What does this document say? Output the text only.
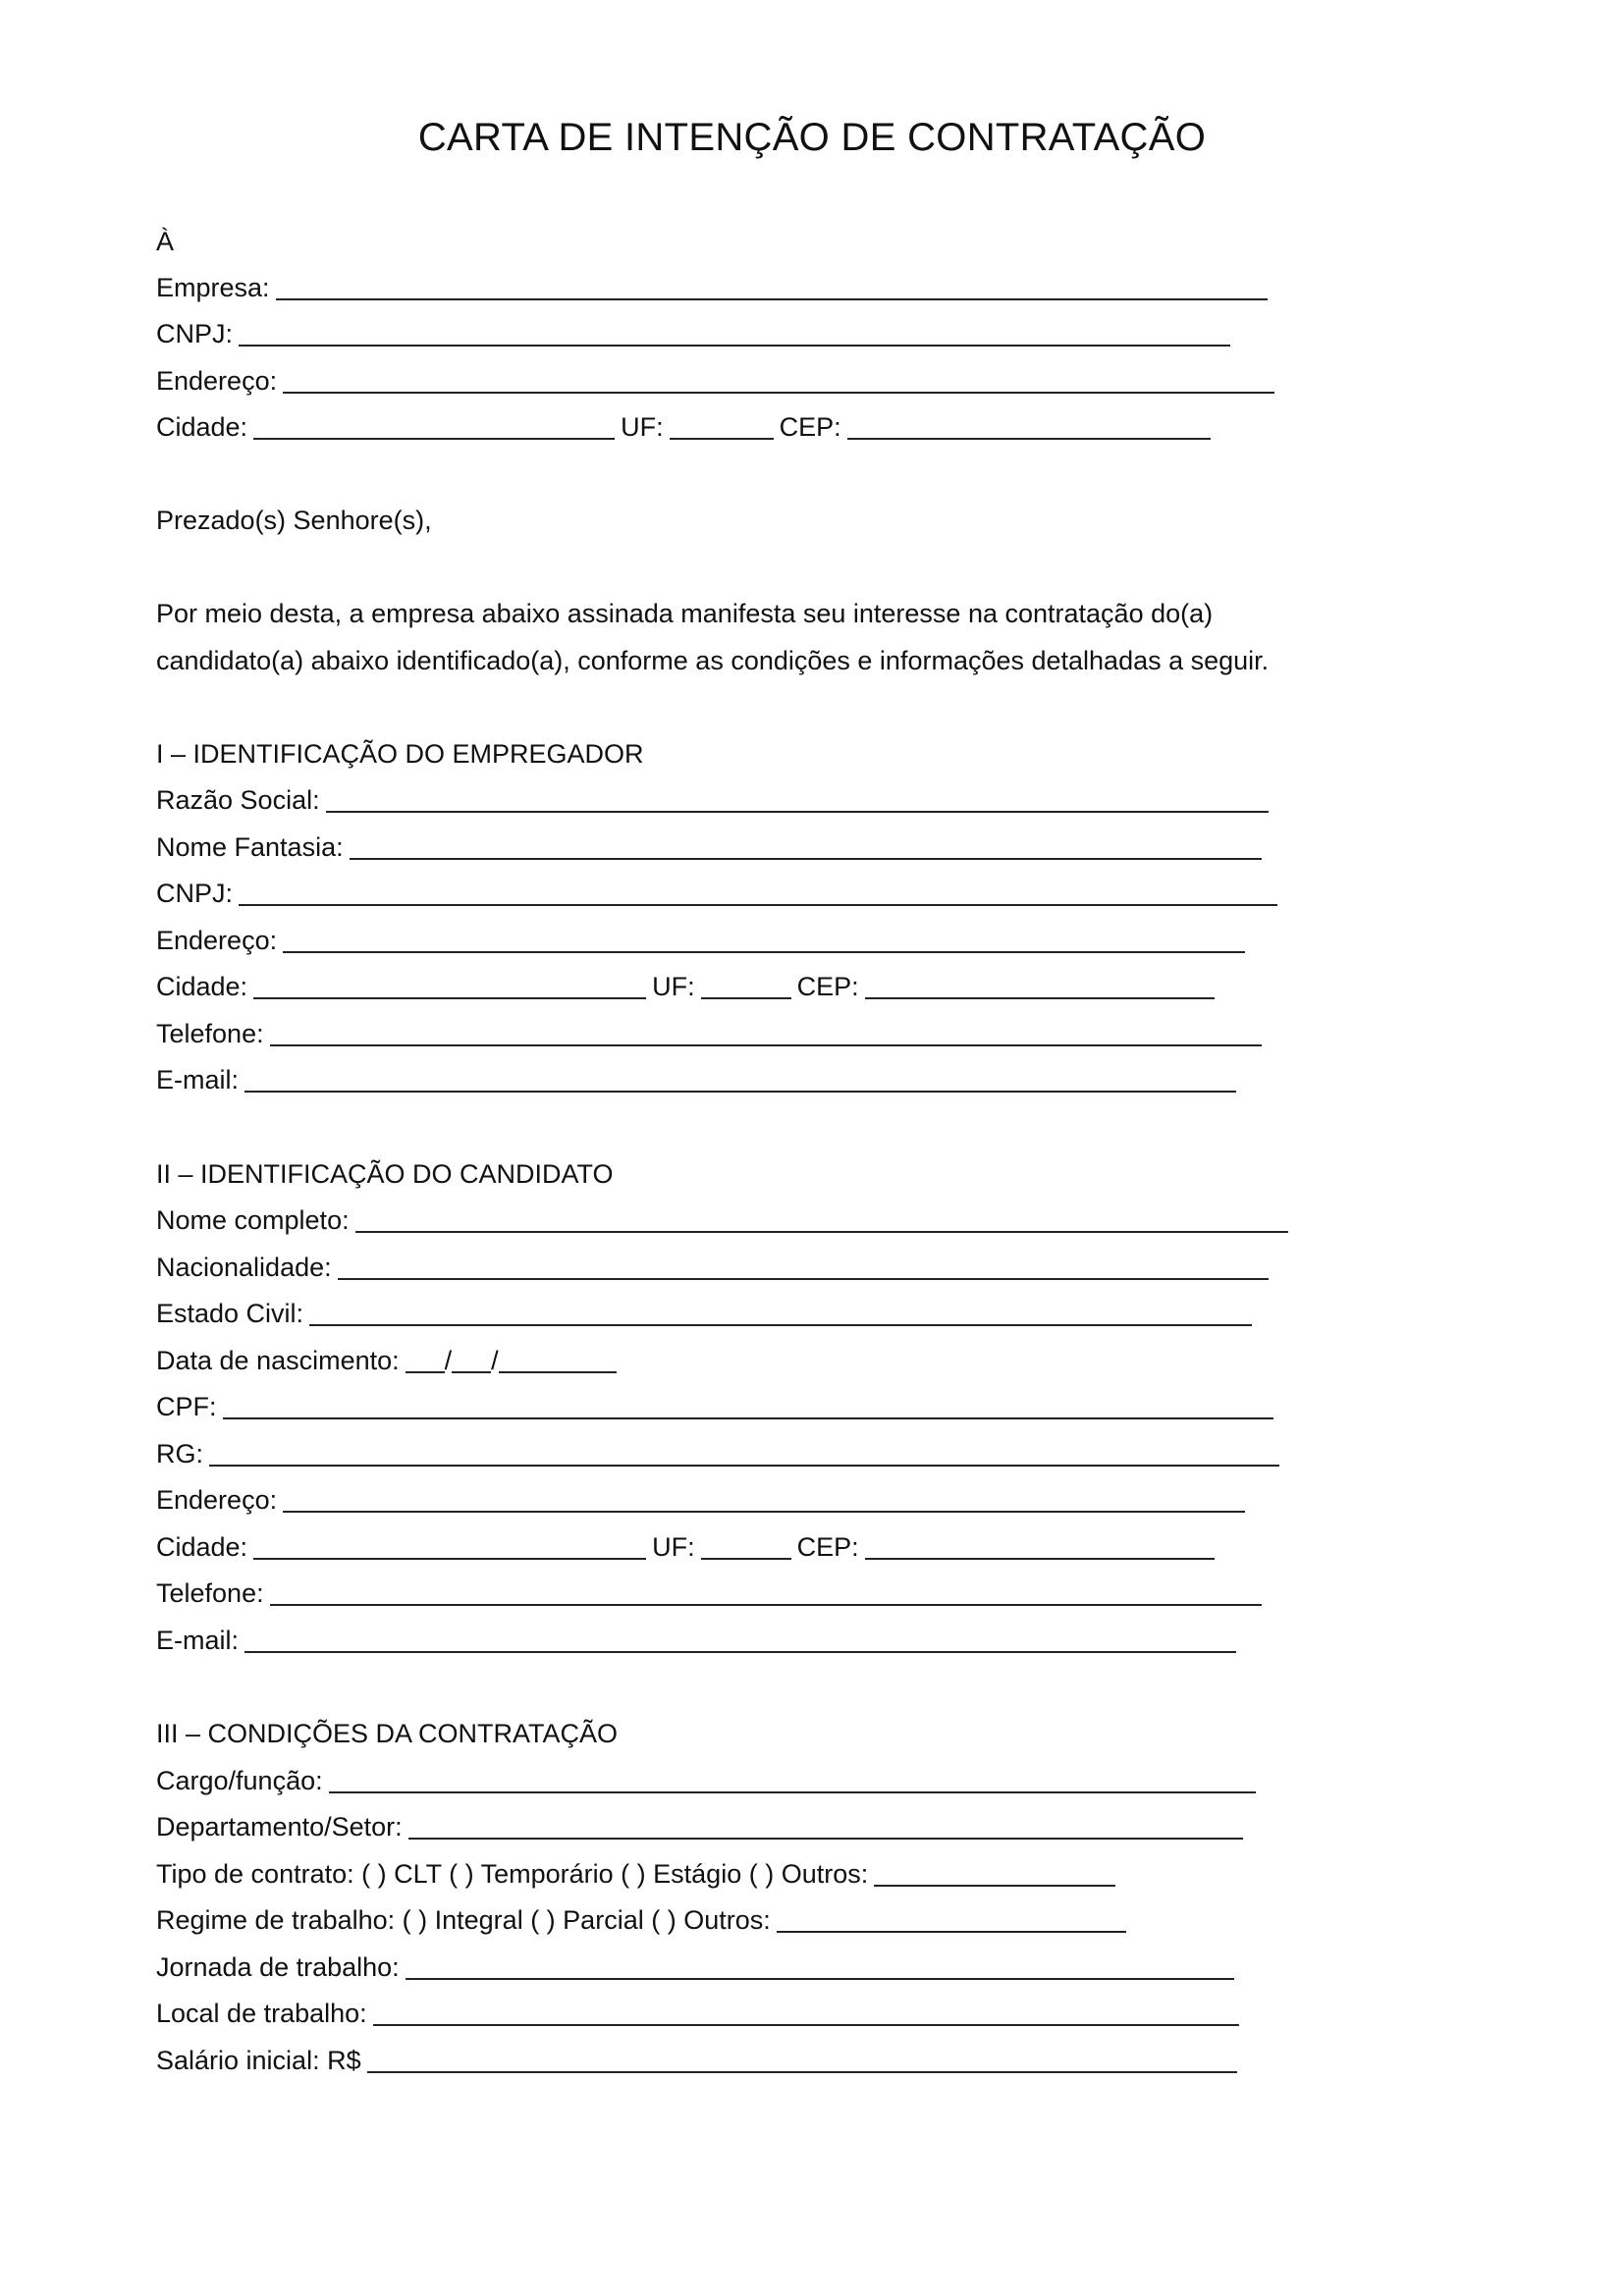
CARTA DE INTENÇÃO DE CONTRATAÇÃO
À
Empresa:
CNPJ:
Endereço:
Cidade:	UF:	CEP:
Prezado(s) Senhore(s),
Por meio desta, a empresa abaixo assinada manifesta seu interesse na contratação do(a)
candidato(a) abaixo identificado(a), conforme as condições e informações detalhadas a seguir.
I – IDENTIFICAÇÃO DO EMPREGADOR
Razão Social:
Nome Fantasia:
CNPJ:
Endereço:
Cidade:	UF:	CEP:
Telefone:
E-mail:
II – IDENTIFICAÇÃO DO CANDIDATO
Nome completo:
Nacionalidade:
Estado Civil:
Data de nascimento: / /
CPF:
RG:
Endereço:
Cidade:	UF:	CEP:
Telefone:
E-mail:
III – CONDIÇÕES DA CONTRATAÇÃO
Cargo/função:
Departamento/Setor:
Tipo de contrato: ( ) CLT ( ) Temporário ( ) Estágio ( ) Outros:
Regime de trabalho: ( ) Integral ( ) Parcial ( ) Outros:
Jornada de trabalho:
Local de trabalho:
Salário inicial: R$
